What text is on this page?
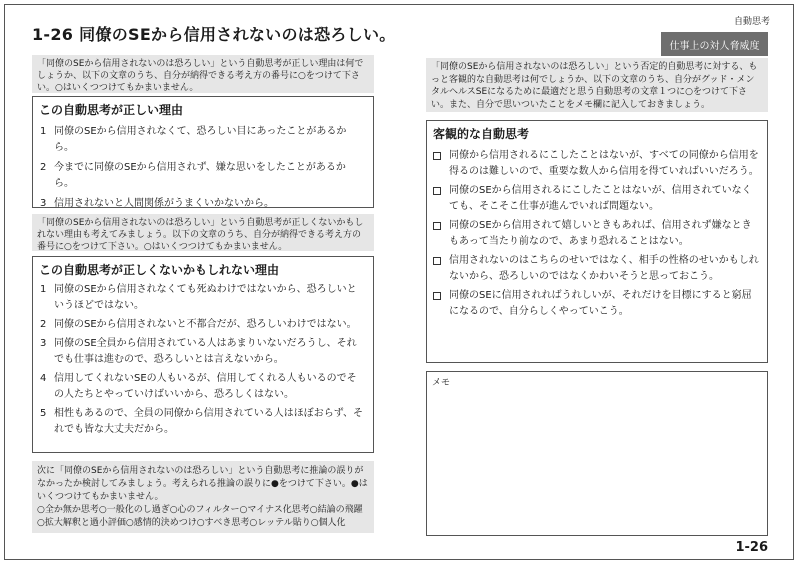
1-26 同僚のSEから信用されないのは恐ろしい。
自動思考
仕事上の対人脅威度
「同僚のSEから信用されないのは恐ろしい」という自動思考が正しい理由は何でしょうか、以下の文章のうち、自分が納得できる考え方の番号に○をつけて下さい。○はいくつつけてもかまいません。
この自動思考が正しい理由
1 同僚のSEから信用されなくて、恐ろしい目にあったことがあるから。
2 今までに同僚のSEから信用されず、嫌な思いをしたことがあるから。
3 信用されないと人間関係がうまくいかないから。
「同僚のSEから信用されないのは恐ろしい」という自動思考が正しくないかもしれない理由も考えてみましょう。以下の文章のうち、自分が納得できる考え方の番号に○をつけて下さい。○はいくつつけてもかまいません。
この自動思考が正しくないかもしれない理由
1 同僚のSEから信用されなくても死ぬわけではないから、恐ろしいというほどではない。
2 同僚のSEから信用されないと不都合だが、恐ろしいわけではない。
3 同僚のSE全員から信用されている人はあまりいないだろうし、それでも仕事は進むので、恐ろしいとは言えないから。
4 信用してくれないSEの人もいるが、信用してくれる人もいるのでその人たちとやっていけばいいから、恐ろしくはない。
5 相性もあるので、全員の同僚から信用されている人はほぼおらず、それでも皆な大丈夫だから。
次に「同僚のSEから信用されないのは恐ろしい」という自動思考に推論の誤りがなかったか検討してみましょう。考えられる推論の誤りに●をつけて下さい。●はいくつつけてもかまいません。
○全か無か思考○一般化のし過ぎ○心のフィルター○マイナス化思考○結論の飛躍
○拡大解釈と過小評価○感情的決めつけ○すべき思考○レッテル貼り○個人化
「同僚のSEから信用されないのは恐ろしい」という否定的自動思考に対する、もっと客観的な自動思考は何でしょうか、以下の文章のうち、自分がグッド・メンタルヘルスSEになるために最適だと思う自動思考の文章１つに○をつけて下さい。また、自分で思いついたことをメモ欄に記入しておきましょう。
客観的な自動思考
同僚から信用されるにこしたことはないが、すべての同僚から信用を得るのは難しいので、重要な数人から信用を得ていればいいだろう。
同僚のSEから信用されるにこしたことはないが、信用されていなくても、そこそこ仕事が進んでいれば問題ない。
同僚のSEから信用されて嬉しいときもあれば、信用されず嫌なときもあって当たり前なので、あまり恐れることはない。
信用されないのはこちらのせいではなく、相手の性格のせいかもしれないから、恐ろしいのではなくかわいそうと思っておこう。
同僚のSEに信用されればうれしいが、それだけを目標にすると窮屈になるので、自分らしくやっていこう。
メモ
1-26
